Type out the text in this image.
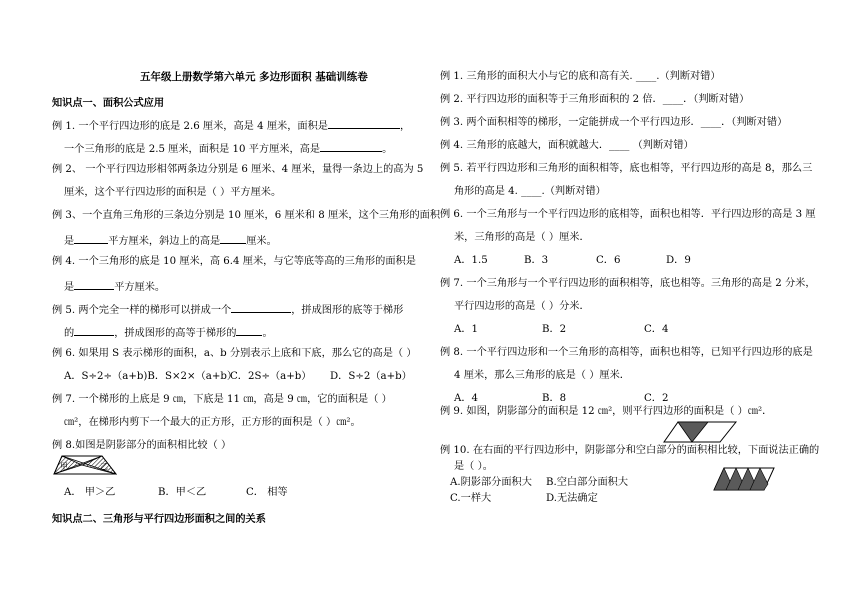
五年级上册数学第六单元 多边形面积 基础训练卷
知识点一、面积公式应用
例 1. 一个平行四边形的底是 2.6 厘米，高是 4 厘米，面积是	，
一个三角形的底是 2.5 厘米，面积是 10 平方厘米，高是	。
例 2、 一个平行四边形相邻两条边分别是 6 厘米、4 厘米，量得一条边上的高为 5
厘米，这个平行四边形的面积是（ ）平方厘米。
例 3、一个直角三角形的三条边分别是 10 厘米，6 厘米和 8 厘米，这个三角形的面积
是	平方厘米，斜边上的高是	厘米。
例 4. 一个三角形的底是 10 厘米，高 6.4 厘米，与它等底等高的三角形的面积是
是	平方厘米。
例 5. 两个完全一样的梯形可以拼成一个	，拼成图形的底等于梯形
的	，拼成图形的高等于梯形的	。
例 6. 如果用 S 表示梯形的面积，a、b 分别表示上底和下底，那么它的高是（ ）
A．S÷2÷（a+b)B．S×2×（a+b）
C．2S÷（a+b） D．S÷2（a+b）
例 7. 一个梯形的上底是 9 ㎝，下底是 11 ㎝，高是 9 ㎝，它的面积是（ ）
㎝²，在梯形内剪下一个最大的正方形，正方形的面积是（ ）㎝²。
例 8.如图是阴影部分的面积相比较（ ）
甲	乙
A． 甲＞乙	B．甲＜乙	C． 相等
知识点二、三角形与平行四边形面积之间的关系
例 1. 三角形的面积大小与它的底和高有关. ____.（判断对错）
例 2. 平行四边形的面积等于三角形面积的 2 倍．____．（判断对错）
例 3. 两个面积相等的梯形，一定能拼成一个平行四边形．____．（判断对错）
例 4. 三角形的底越大，面积就越大．____ （判断对错）
例 5. 若平行四边形和三角形的面积相等，底也相等，平行四边形的高是 8，那么三
角形的高是 4. ____.（判断对错）
例 6. 一个三角形与一个平行四边形的底相等，面积也相等．平行四边形的高是 3 厘
米，三角形的高是（ ）厘米．
A．1.5	B．3	C．6	D．9
例 7. 一个三角形与一个平行四边形的面积相等，底也相等。三角形的高是 2 分米，
平行四边形的高是（ ）分米．
A．1	B．2	C．4
例 8. 一个平行四边形和一个三角形的高相等，面积也相等，已知平行四边形的底是
4 厘米，那么三角形的底是（ ）厘米．
A．4	B．8	C．2
例 9. 如图，阴影部分的面积是 12 ㎝²，则平行四边形的面积是（ ）㎝²．
例 10. 在右面的平行四边形中，阴影部分和空白部分的面积相比较，下面说法正确的
是（ ）。
A.阴影部分面积大 B.空白部分面积大
C.一样大	D.无法确定
